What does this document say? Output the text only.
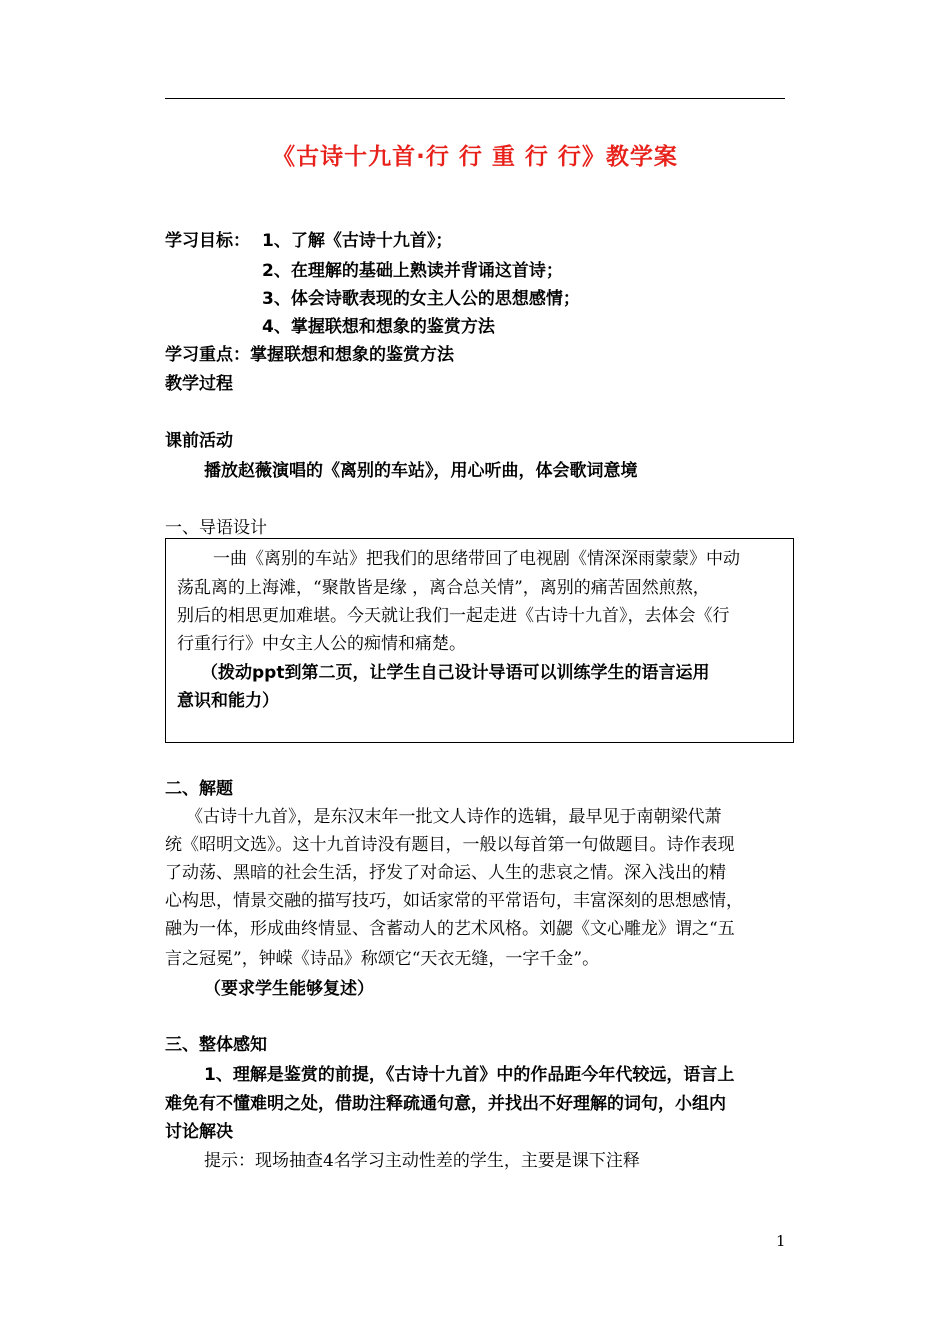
《古诗十九首·行 行 重 行 行》教学案
学习目标： 1、了解《古诗十九首》；
2、在理解的基础上熟读并背诵这首诗；
3、体会诗歌表现的女主人公的思想感情；
4、掌握联想和想象的鉴赏方法
学习重点：掌握联想和想象的鉴赏方法
教学过程
课前活动
播放赵薇演唱的《离别的车站》，用心听曲，体会歌词意境
一、导语设计
一曲《离别的车站》把我们的思绪带回了电视剧《情深深雨蒙蒙》中动
荡乱离的上海滩，“聚散皆是缘 ，离合总关情”，离别的痛苦固然煎熬，
别后的相思更加难堪。今天就让我们一起走进《古诗十九首》，去体会《行
行重行行》中女主人公的痴情和痛楚。
（拨动ppt到第二页，让学生自己设计导语可以训练学生的语言运用
意识和能力）
二、解题
《古诗十九首》，是东汉末年一批文人诗作的选辑，最早见于南朝梁代萧
统《昭明文选》。这十九首诗没有题目，一般以每首第一句做题目。诗作表现
了动荡、黑暗的社会生活，抒发了对命运、人生的悲哀之情。深入浅出的精
心构思，情景交融的描写技巧，如话家常的平常语句，丰富深刻的思想感情，
融为一体，形成曲终情显、含蓄动人的艺术风格。刘勰《文心雕龙》谓之“五
言之冠冕”，钟嵘《诗品》称颂它“天衣无缝，一字千金”。
（要求学生能够复述）
三、整体感知
1、理解是鉴赏的前提，《古诗十九首》中的作品距今年代较远，语言上
难免有不懂难明之处，借助注释疏通句意，并找出不好理解的词句，小组内
讨论解决
提示：现场抽查4名学习主动性差的学生，主要是课下注释
1
